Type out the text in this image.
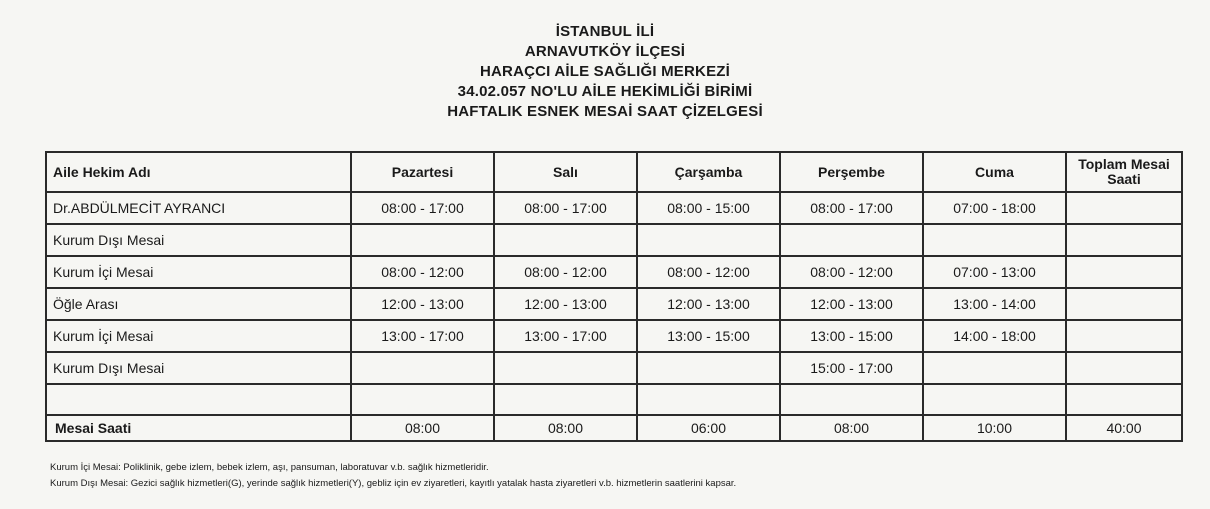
İSTANBUL İLİ
ARNAVUTKÖY İLÇESİ
HARAÇCI AİLE SAĞLIĞI MERKEZİ
34.02.057 NO'LU AİLE HEKİMLİĞİ BİRİMİ
HAFTALIK ESNEK MESAİ SAAT ÇİZELGESİ
Aile Hekim Adı	Pazartesi	Salı	Çarşamba	Perşembe	Cuma	Toplam Mesai Saati
Dr.ABDÜLMECİT AYRANCI	08:00 - 17:00	08:00 - 17:00	08:00 - 15:00	08:00 - 17:00	07:00 - 18:00	
Kurum Dışı Mesai						
Kurum İçi Mesai	08:00 - 12:00	08:00 - 12:00	08:00 - 12:00	08:00 - 12:00	07:00 - 13:00	
Öğle Arası	12:00 - 13:00	12:00 - 13:00	12:00 - 13:00	12:00 - 13:00	13:00 - 14:00	
Kurum İçi Mesai	13:00 - 17:00	13:00 - 17:00	13:00 - 15:00	13:00 - 15:00	14:00 - 18:00	
Kurum Dışı Mesai				15:00 - 17:00		

Mesai Saati	08:00	08:00	06:00	08:00	10:00	40:00
Kurum İçi Mesai: Poliklinik, gebe izlem, bebek izlem, aşı, pansuman, laboratuvar v.b. sağlık hizmetleridir.
Kurum Dışı Mesai: Gezici sağlık hizmetleri(G), yerinde sağlık hizmetleri(Y), gebliz için ev ziyaretleri, kayıtlı yatalak hasta ziyaretleri v.b. hizmetlerin saatlerini kapsar.
